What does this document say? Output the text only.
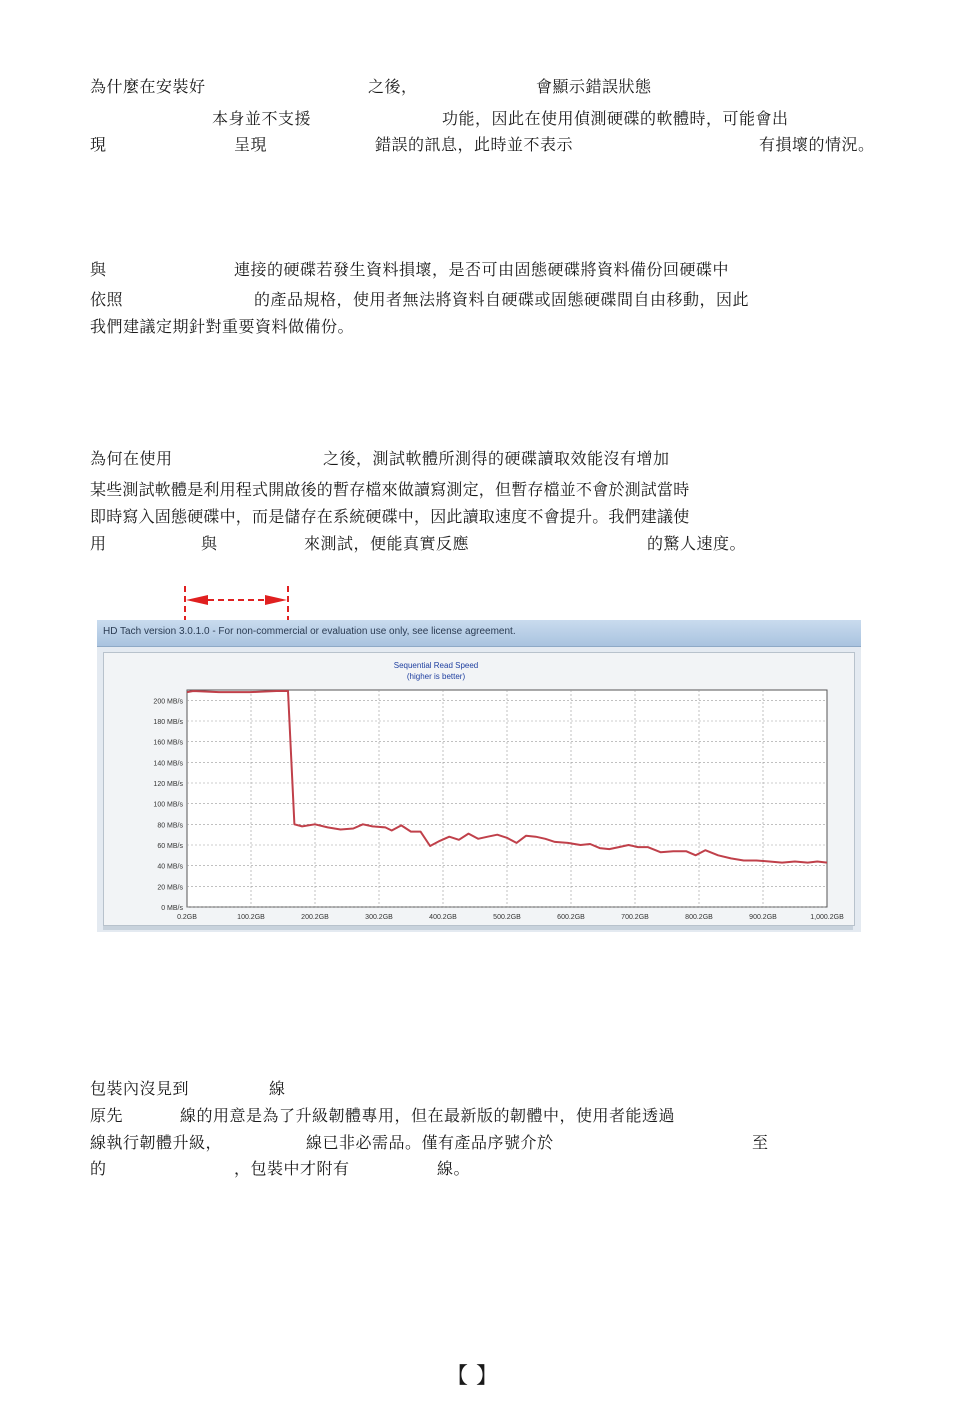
為什麼在安裝好	之後，	會顯示錯誤狀態
本身並不支援	功能，因此在使用偵測硬碟的軟體時，可能會出
現	呈現	錯誤的訊息，此時並不表示	有損壞的情況。
與	連接的硬碟若發生資料損壞，是否可由固態硬碟將資料備份回硬碟中
依照	的產品規格，使用者無法將資料自硬碟或固態硬碟間自由移動，因此
我們建議定期針對重要資料做備份。
為何在使用	之後，測試軟體所測得的硬碟讀取效能沒有增加
某些測試軟體是利用程式開啟後的暫存檔來做讀寫測定，但暫存檔並不會於測試當時
即時寫入固態硬碟中，而是儲存在系統硬碟中，因此讀取速度不會提升。我們建議使
用	與	來測試，便能真實反應	的驚人速度。
HD Tach version 3.0.1.0 - For non-commercial or evaluation use only, see license agreement.
Sequential Read Speed
(higher is better)
0 MB/s
20 MB/s
40 MB/s
60 MB/s
80 MB/s
100 MB/s
120 MB/s
140 MB/s
160 MB/s
180 MB/s
200 MB/s
0.2GB	100.2GB	200.2GB	300.2GB	400.2GB	500.2GB	600.2GB	700.2GB	800.2GB	900.2GB	1,000.2GB
包裝內沒見到	線
原先	線的用意是為了升級韌體專用，但在最新版的韌體中，使用者能透過
線執行韌體升級，	線已非必需品。僅有產品序號介於	至
的	，包裝中才附有	線。
【 】
